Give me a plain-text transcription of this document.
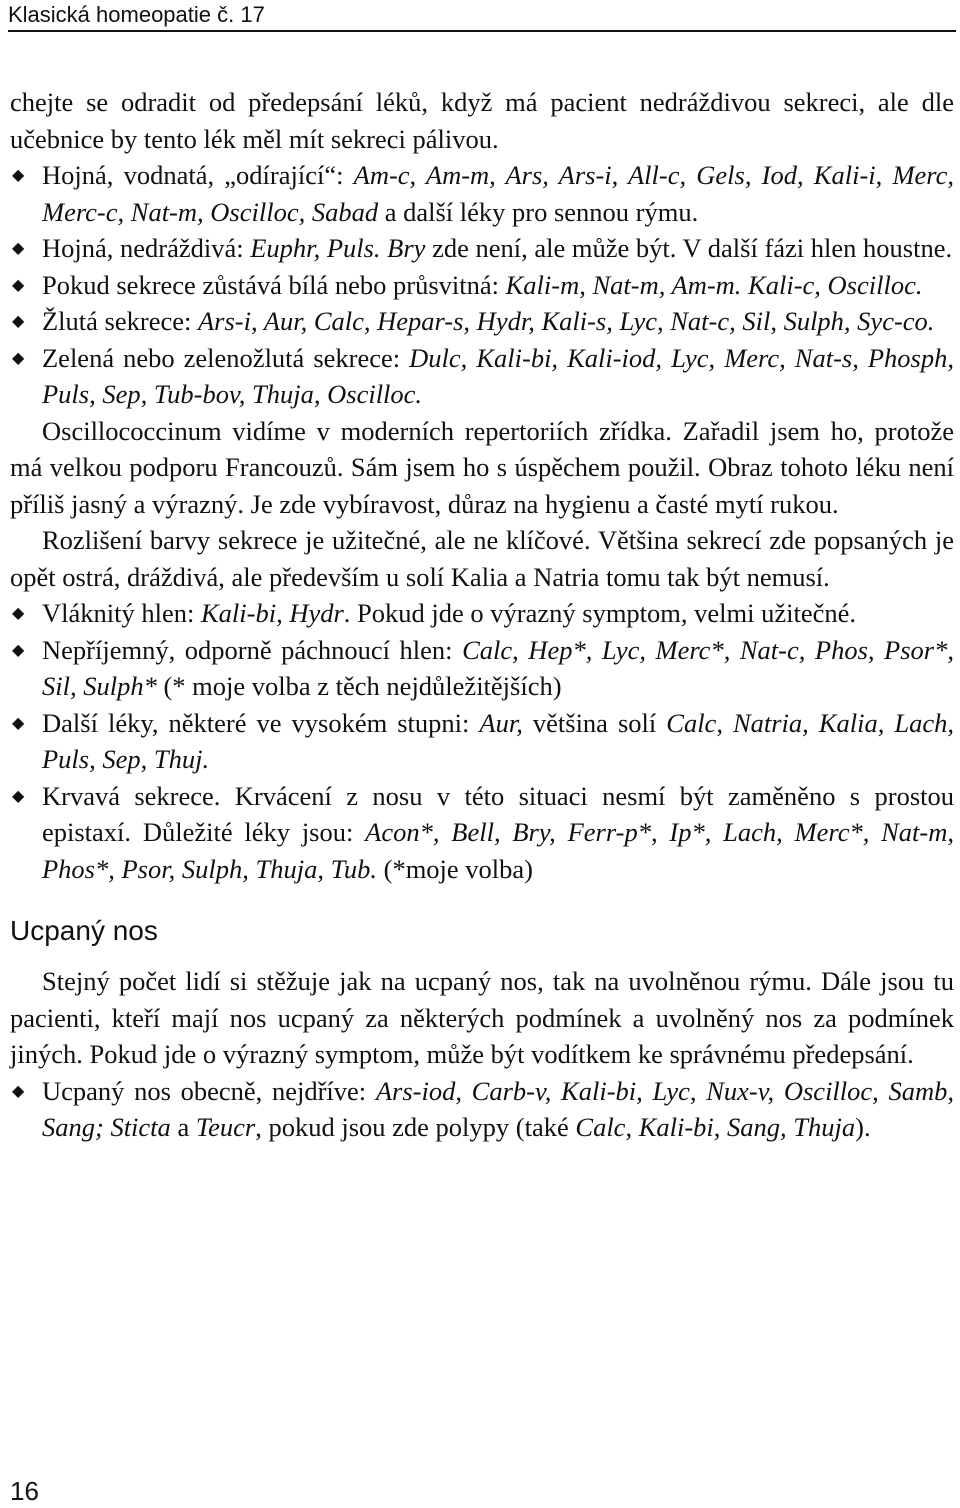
Klasická homeopatie č. 17

chejte se odradit od předepsání léků, když má pacient nedráždivou sekreci, ale dle učebnice by tento lék měl mít sekreci pálivou.

◆ Hojná, vodnatá, „odírající“: Am-c, Am-m, Ars, Ars-i, All-c, Gels, Iod, Kali-i, Merc, Merc-c, Nat-m, Oscilloc, Sabad a další léky pro sennou rýmu.

◆ Hojná, nedráždivá: Euphr, Puls. Bry zde není, ale může být. V další fázi hlen houstne.

◆ Pokud sekrece zůstává bílá nebo průsvitná: Kali-m, Nat-m, Am-m. Kali-c, Oscilloc.

◆ Žlutá sekrece: Ars-i, Aur, Calc, Hepar-s, Hydr, Kali-s, Lyc, Nat-c, Sil, Sulph, Syc-co.

◆ Zelená nebo zelenožlutá sekrece: Dulc, Kali-bi, Kali-iod, Lyc, Merc, Nat-s, Phosph, Puls, Sep, Tub-bov, Thuja, Oscilloc.

Oscillococcinum vidíme v moderních repertoriích zřídka. Zařadil jsem ho, protože má velkou podporu Francouzů. Sám jsem ho s úspěchem použil. Obraz tohoto léku není příliš jasný a výrazný. Je zde vybíravost, důraz na hygienu a časté mytí rukou.

Rozlišení barvy sekrece je užitečné, ale ne klíčové. Většina sekrecí zde popsaných je opět ostrá, dráždivá, ale především u solí Kalia a Natria tomu tak být nemusí.

◆ Vláknitý hlen: Kali-bi, Hydr. Pokud jde o výrazný symptom, velmi užitečné.

◆ Nepříjemný, odporně páchnoucí hlen: Calc, Hep*, Lyc, Merc*, Nat-c, Phos, Psor*, Sil, Sulph* (* moje volba z těch nejdůležitějších)

◆ Další léky, některé ve vysokém stupni: Aur, většina solí Calc, Natria, Kalia, Lach, Puls, Sep, Thuj.

◆ Krvavá sekrece. Krvácení z nosu v této situaci nesmí být zaměněno s prostou epistaxí. Důležité léky jsou: Acon*, Bell, Bry, Ferr-p*, Ip*, Lach, Merc*, Nat-m, Phos*, Psor, Sulph, Thuja, Tub. (*moje volba)

Ucpaný nos

Stejný počet lidí si stěžuje jak na ucpaný nos, tak na uvolněnou rýmu. Dále jsou tu pacienti, kteří mají nos ucpaný za některých podmínek a uvolněný nos za podmínek jiných. Pokud jde o výrazný symptom, může být vodítkem ke správnému předepsání.

◆ Ucpaný nos obecně, nejdříve: Ars-iod, Carb-v, Kali-bi, Lyc, Nux-v, Oscilloc, Samb, Sang; Sticta a Teucr, pokud jsou zde polypy (také Calc, Kali-bi, Sang, Thuja).

16
